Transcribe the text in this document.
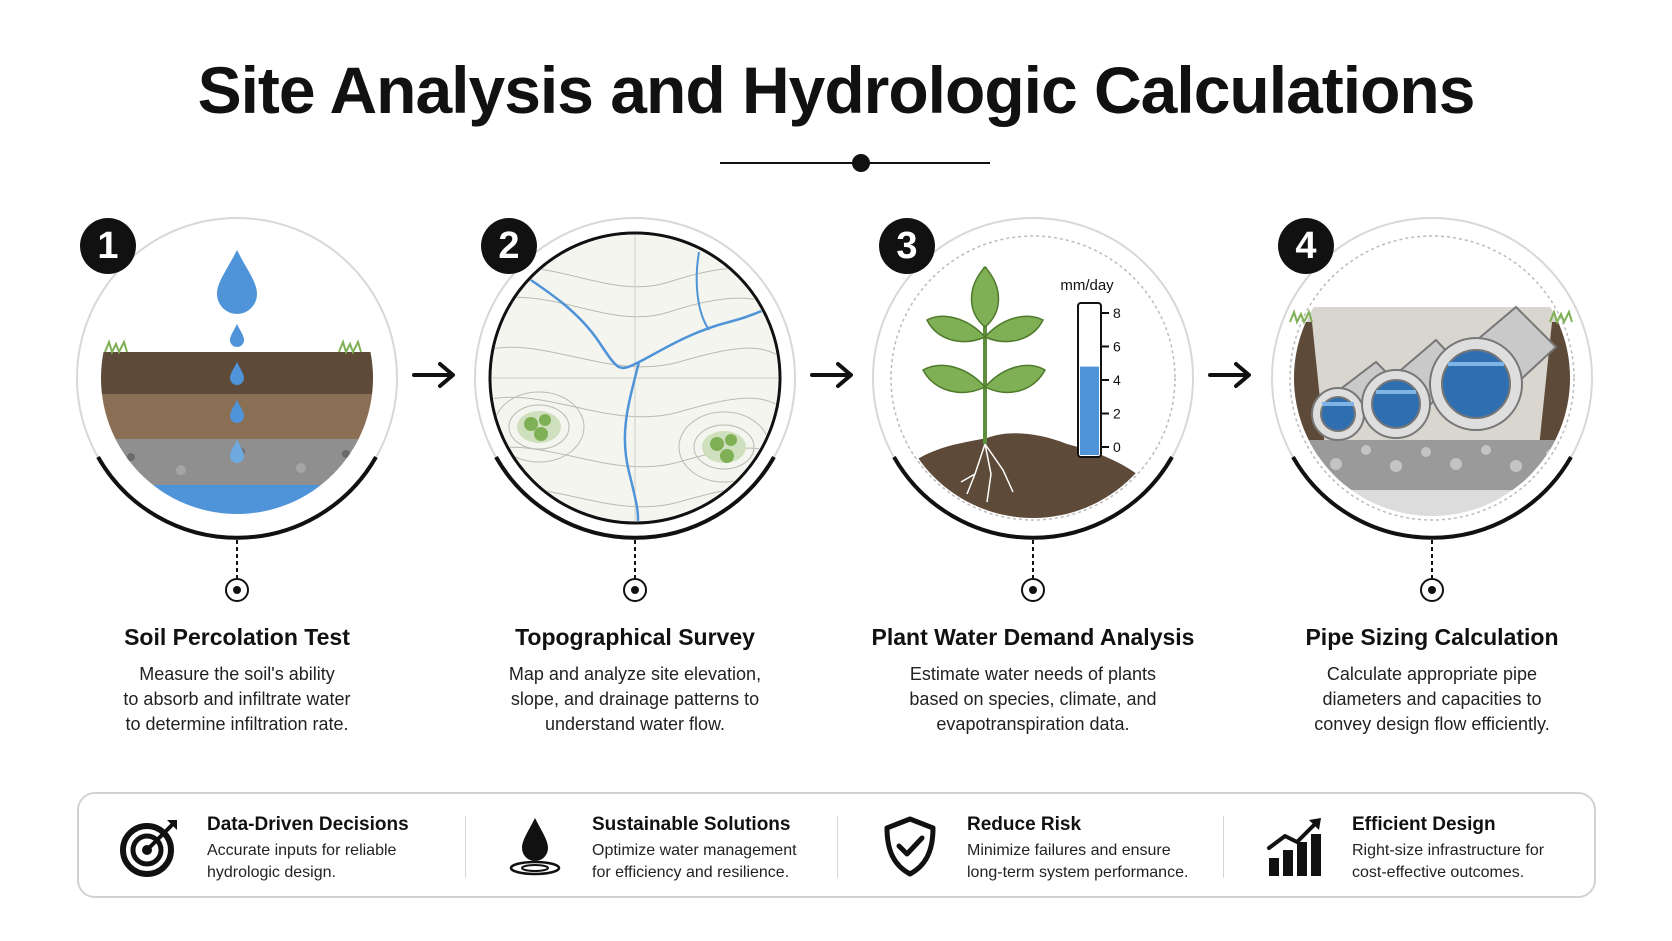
Site Analysis and Hydrologic Calculations
1	2
8
6
4
2
0
mm/day
3	4
Soil Percolation Test
Measure the soil's ability
to absorb and infiltrate water
to determine infiltration rate.
Topographical Survey
Map and analyze site elevation,
slope, and drainage patterns to
understand water flow.
Plant Water Demand Analysis
Estimate water needs of plants
based on species, climate, and
evapotranspiration data.
Pipe Sizing Calculation
Calculate appropriate pipe
diameters and capacities to
convey design flow efficiently.
Data-Driven Decisions
Accurate inputs for reliable
hydrologic design.
Sustainable Solutions
Optimize water management
for efficiency and resilience.
Reduce Risk
Minimize failures and ensure
long-term system performance.
Efficient Design
Right-size infrastructure for
cost-effective outcomes.
